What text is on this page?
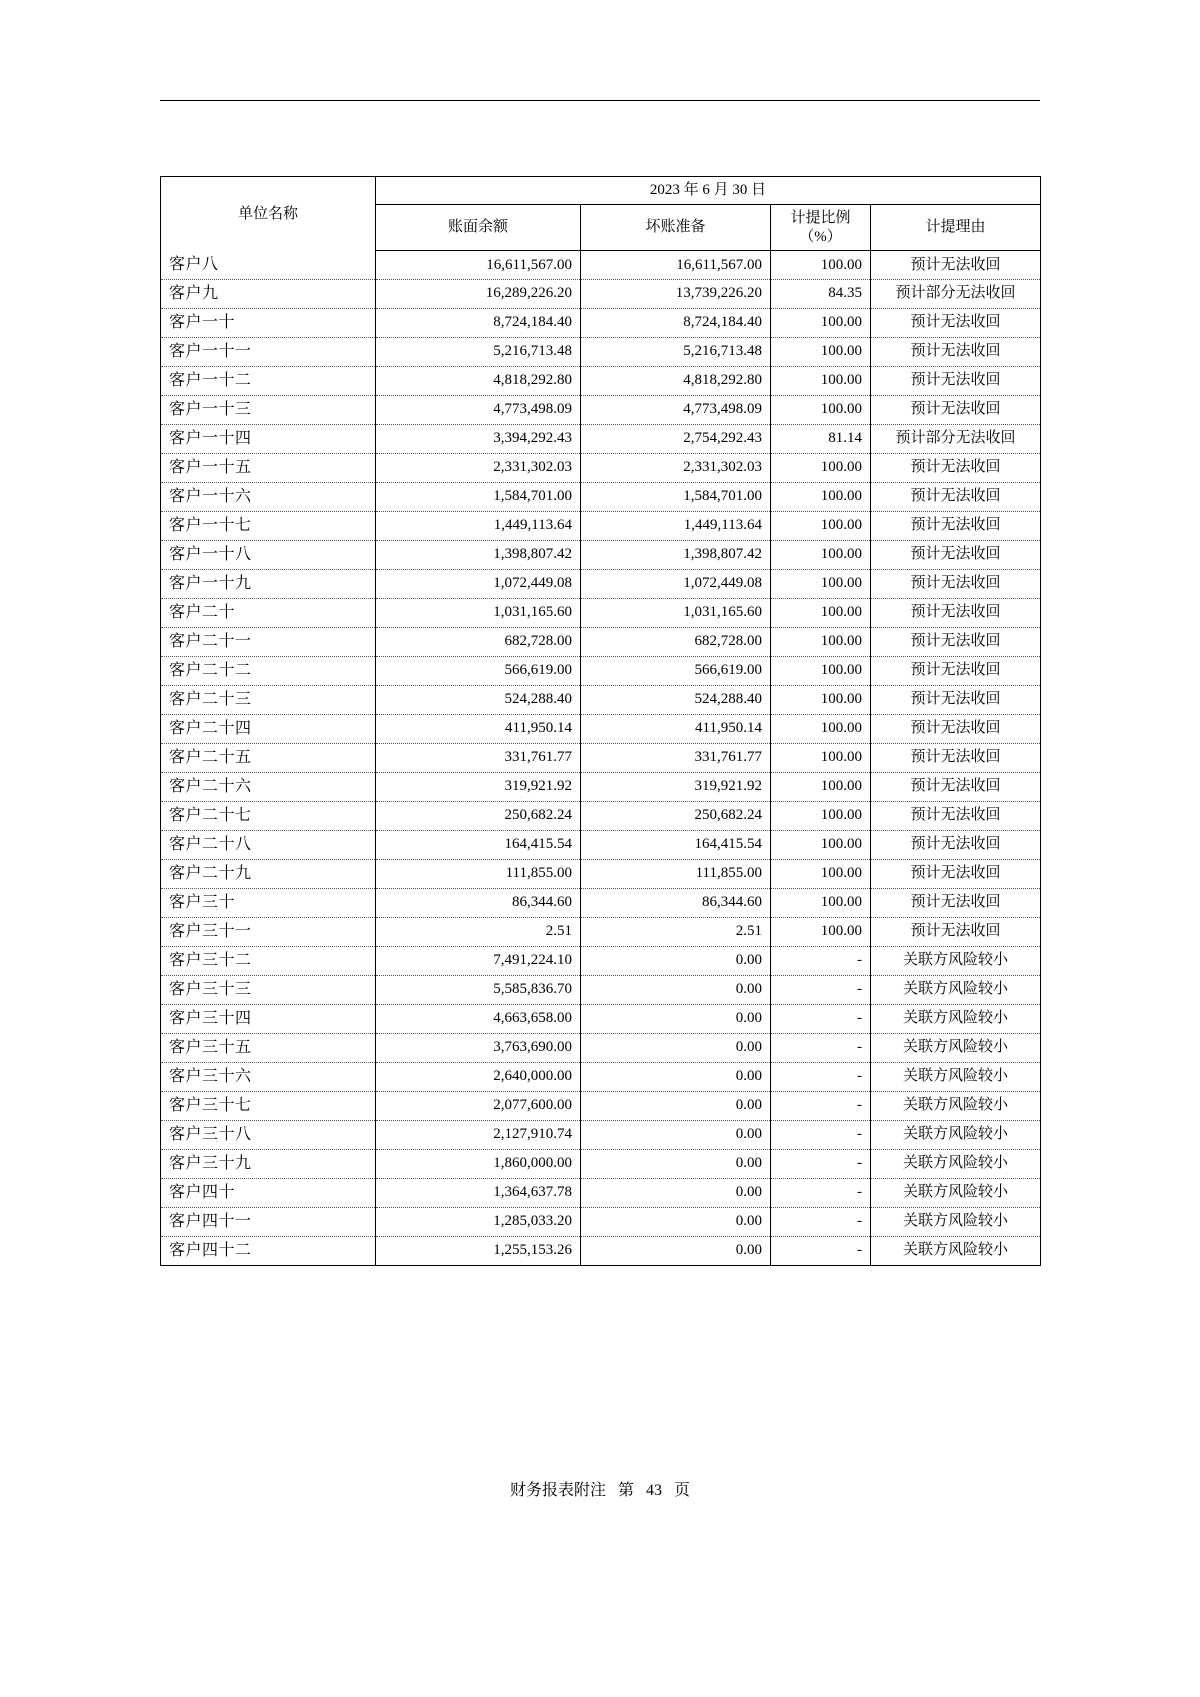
单位名称	2023 年 6 月 30 日			
	账面余额	坏账准备	计提比例
（%）	计提理由
客户八	16,611,567.00	16,611,567.00	100.00	预计无法收回
客户九	16,289,226.20	13,739,226.20	84.35	预计部分无法收回
客户一十	8,724,184.40	8,724,184.40	100.00	预计无法收回
客户一十一	5,216,713.48	5,216,713.48	100.00	预计无法收回
客户一十二	4,818,292.80	4,818,292.80	100.00	预计无法收回
客户一十三	4,773,498.09	4,773,498.09	100.00	预计无法收回
客户一十四	3,394,292.43	2,754,292.43	81.14	预计部分无法收回
客户一十五	2,331,302.03	2,331,302.03	100.00	预计无法收回
客户一十六	1,584,701.00	1,584,701.00	100.00	预计无法收回
客户一十七	1,449,113.64	1,449,113.64	100.00	预计无法收回
客户一十八	1,398,807.42	1,398,807.42	100.00	预计无法收回
客户一十九	1,072,449.08	1,072,449.08	100.00	预计无法收回
客户二十	1,031,165.60	1,031,165.60	100.00	预计无法收回
客户二十一	682,728.00	682,728.00	100.00	预计无法收回
客户二十二	566,619.00	566,619.00	100.00	预计无法收回
客户二十三	524,288.40	524,288.40	100.00	预计无法收回
客户二十四	411,950.14	411,950.14	100.00	预计无法收回
客户二十五	331,761.77	331,761.77	100.00	预计无法收回
客户二十六	319,921.92	319,921.92	100.00	预计无法收回
客户二十七	250,682.24	250,682.24	100.00	预计无法收回
客户二十八	164,415.54	164,415.54	100.00	预计无法收回
客户二十九	111,855.00	111,855.00	100.00	预计无法收回
客户三十	86,344.60	86,344.60	100.00	预计无法收回
客户三十一	2.51	2.51	100.00	预计无法收回
客户三十二	7,491,224.10	0.00	-	关联方风险较小
客户三十三	5,585,836.70	0.00	-	关联方风险较小
客户三十四	4,663,658.00	0.00	-	关联方风险较小
客户三十五	3,763,690.00	0.00	-	关联方风险较小
客户三十六	2,640,000.00	0.00	-	关联方风险较小
客户三十七	2,077,600.00	0.00	-	关联方风险较小
客户三十八	2,127,910.74	0.00	-	关联方风险较小
客户三十九	1,860,000.00	0.00	-	关联方风险较小
客户四十	1,364,637.78	0.00	-	关联方风险较小
客户四十一	1,285,033.20	0.00	-	关联方风险较小
客户四十二	1,255,153.26	0.00	-	关联方风险较小
财务报表附注 第 43 页
